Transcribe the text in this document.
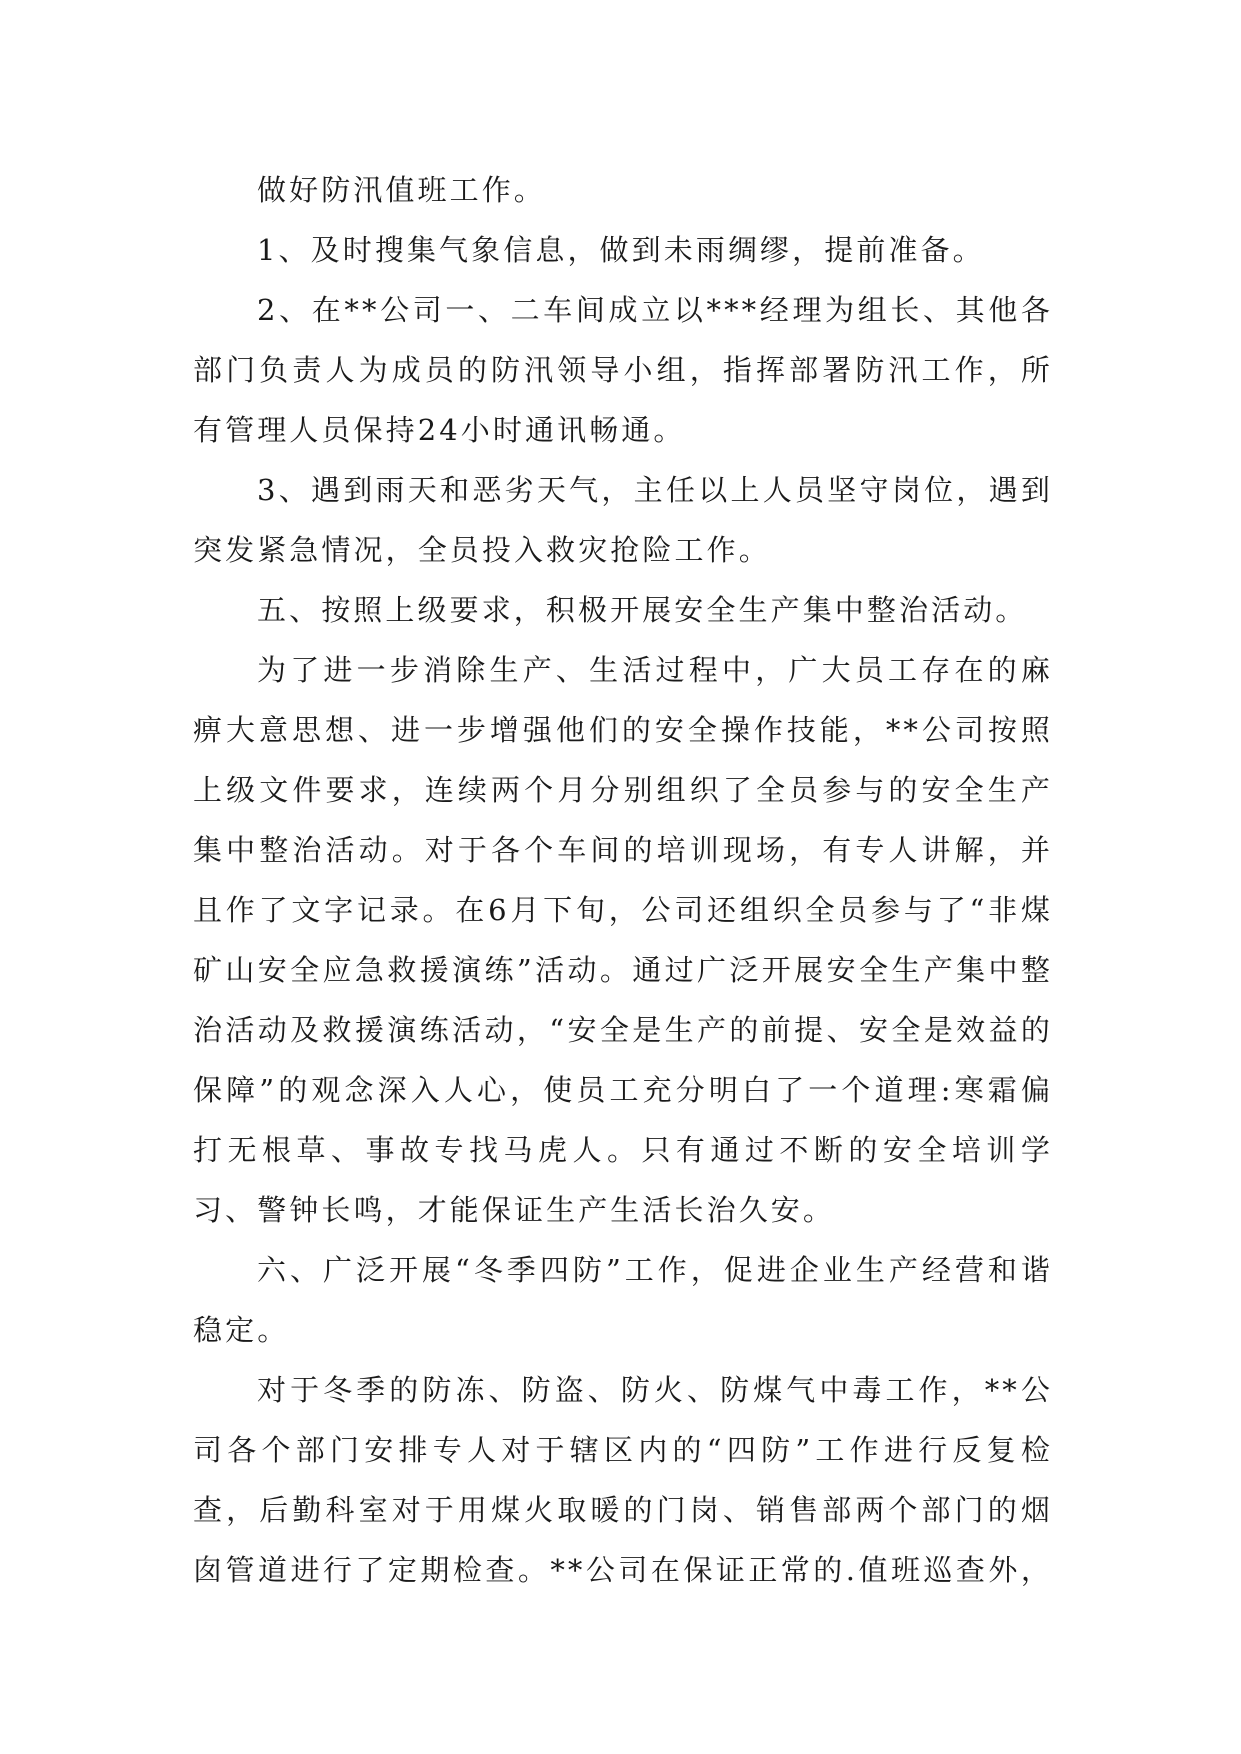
做好防汛值班工作。

1、及时搜集气象信息，做到未雨绸缪，提前准备。

2、在**公司一、二车间成立以***经理为组长、其他各部门负责人为成员的防汛领导小组，指挥部署防汛工作，所有管理人员保持24小时通讯畅通。

3、遇到雨天和恶劣天气，主任以上人员坚守岗位，遇到突发紧急情况，全员投入救灾抢险工作。

五、按照上级要求，积极开展安全生产集中整治活动。

为了进一步消除生产、生活过程中，广大员工存在的麻痹大意思想、进一步增强他们的安全操作技能，**公司按照上级文件要求，连续两个月分别组织了全员参与的安全生产集中整治活动。对于各个车间的培训现场，有专人讲解，并且作了文字记录。在6月下旬，公司还组织全员参与了“非煤矿山安全应急救援演练”活动。通过广泛开展安全生产集中整治活动及救援演练活动，“安全是生产的前提、安全是效益的保障”的观念深入人心，使员工充分明白了一个道理:寒霜偏打无根草、事故专找马虎人。只有通过不断的安全培训学习、警钟长鸣，才能保证生产生活长治久安。

六、广泛开展“冬季四防”工作，促进企业生产经营和谐稳定。

对于冬季的防冻、防盗、防火、防煤气中毒工作，**公司各个部门安排专人对于辖区内的“四防”工作进行反复检查，后勤科室对于用煤火取暖的门岗、销售部两个部门的烟囱管道进行了定期检查。**公司在保证正常的.值班巡查外，
